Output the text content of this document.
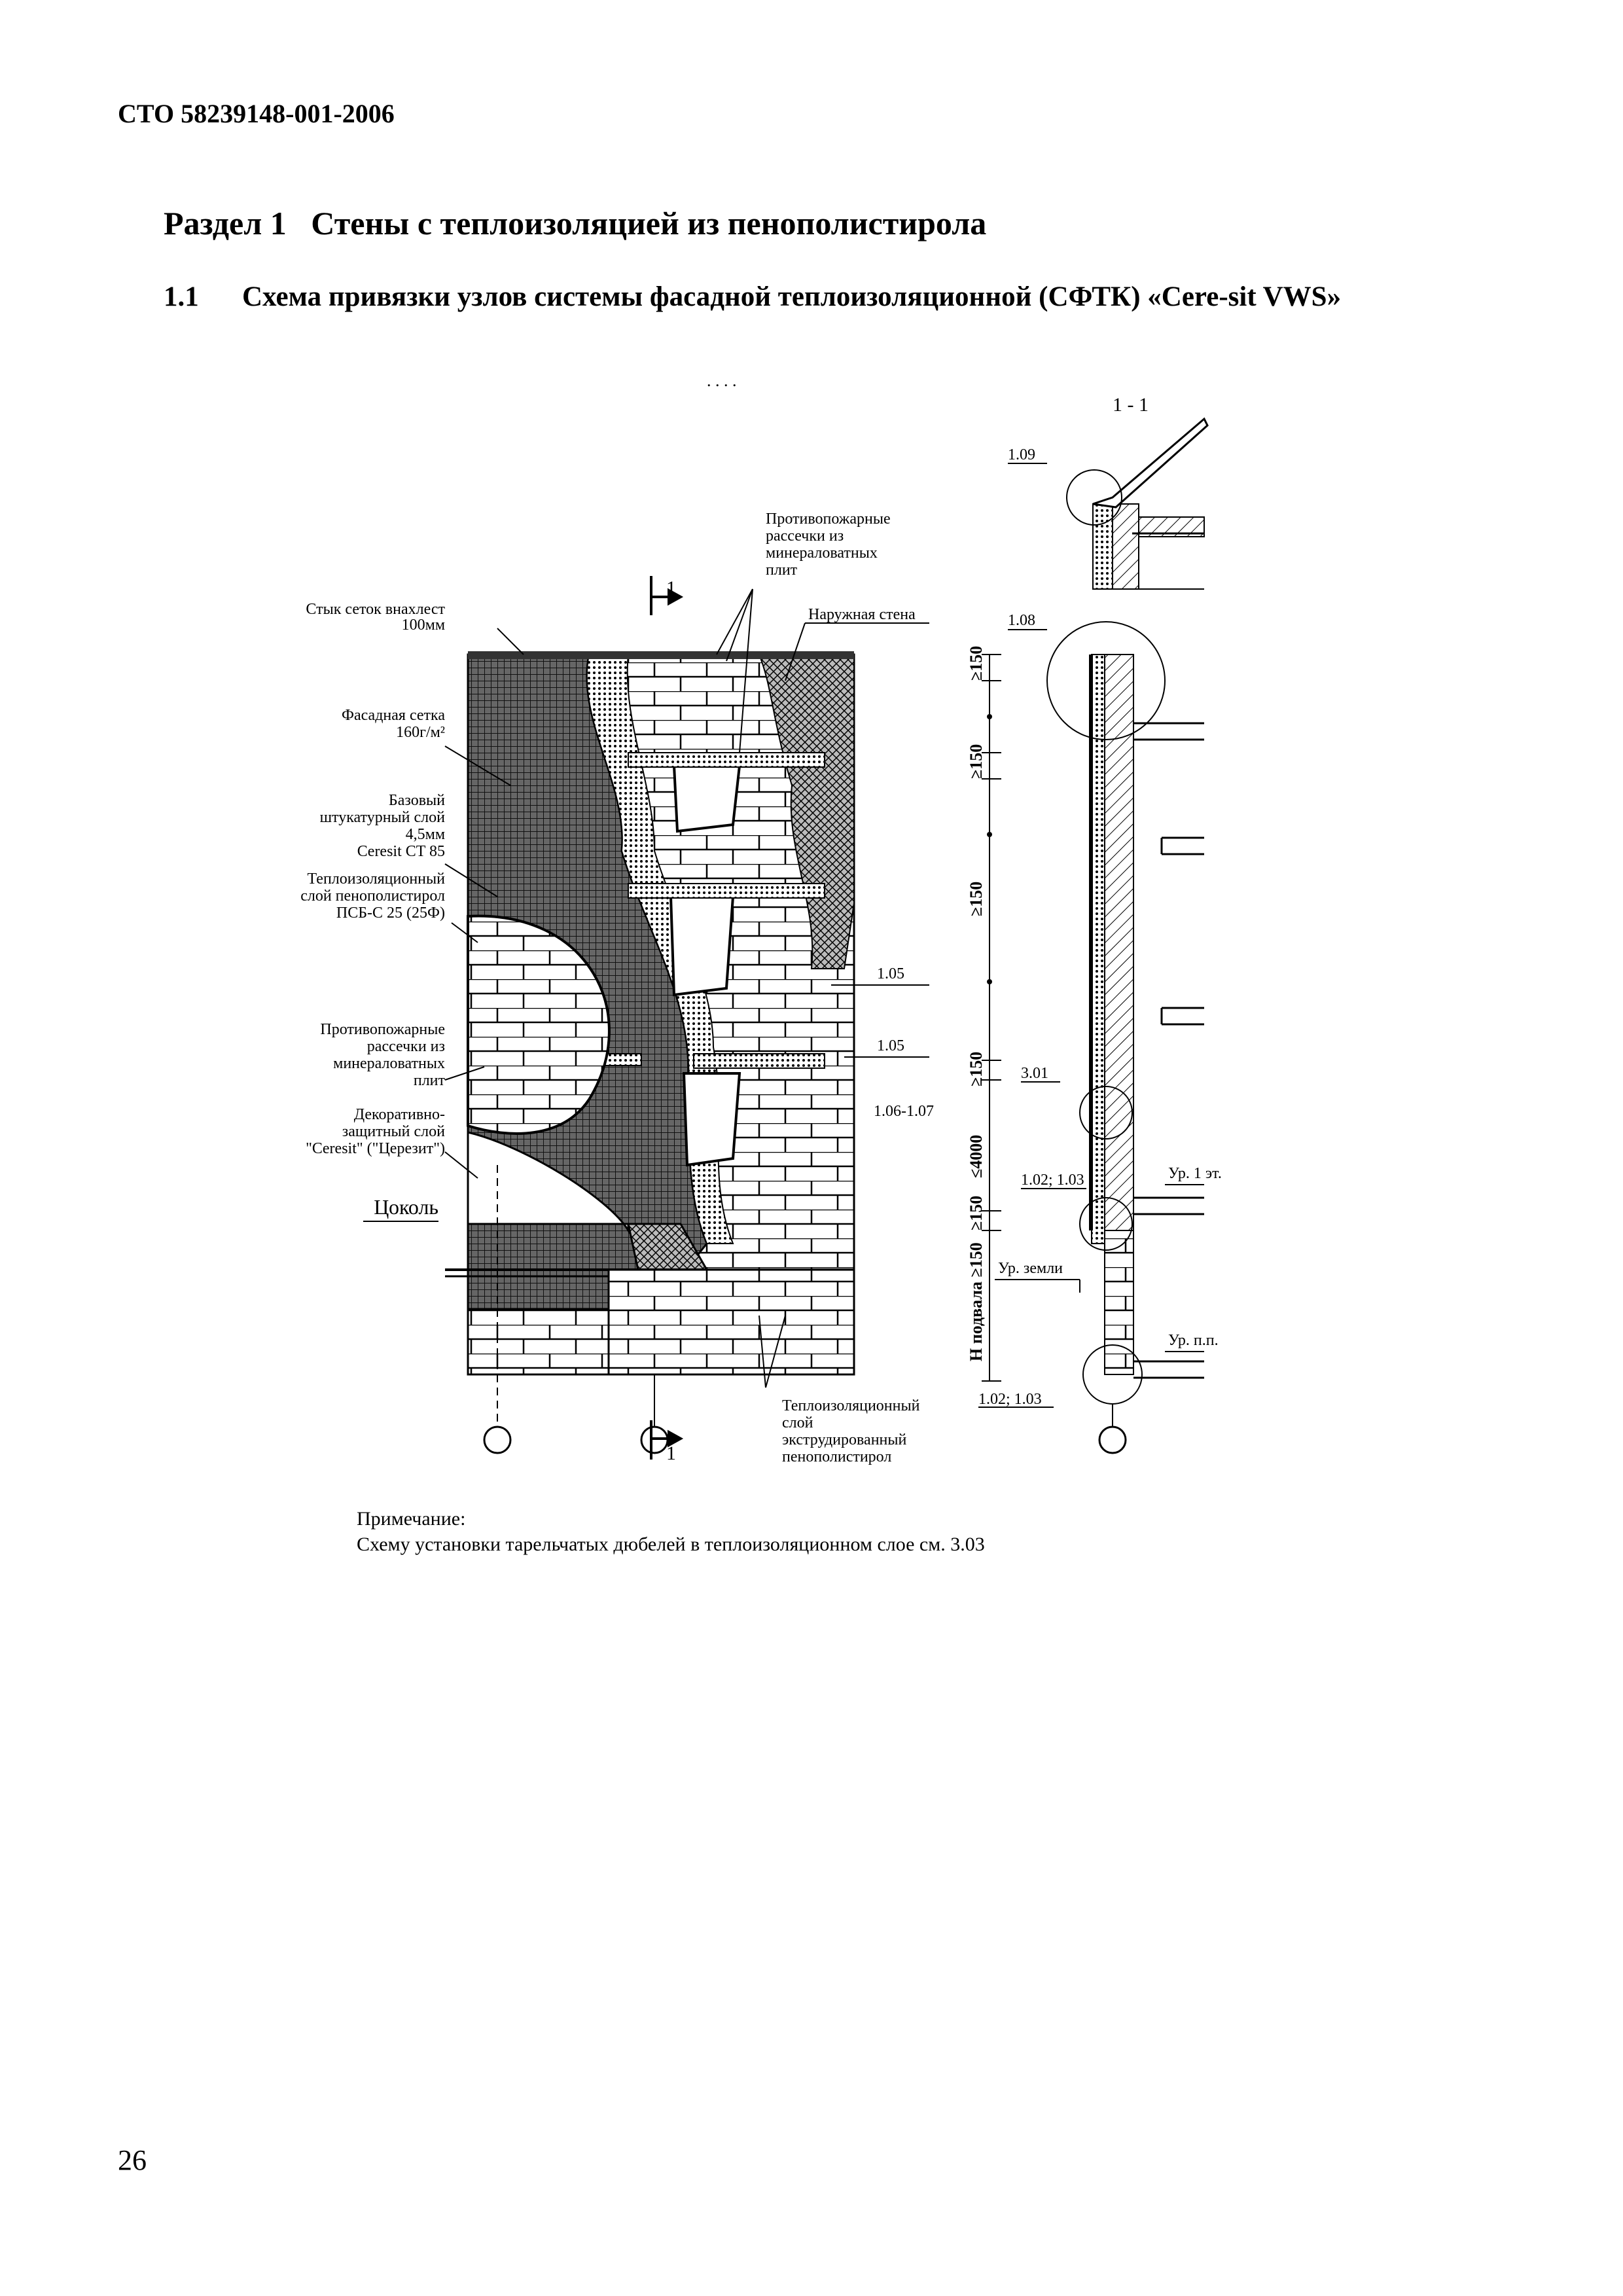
СТО 58239148-001-2006
Раздел 1 Стены с теплоизоляцией из пенополистирола
1.1 Схема привязки узлов системы фасадной теплоизоляционной (СФТК) «Cere-sit VWS»
1
1
. . . .
Стык сеток внахлест
100мм
Фасадная сетка
160г/м²
Базовый
штукатурный слой
4,5мм
Ceresit CT 85
Теплоизоляционный
слой пенополистирол
ПСБ-С 25 (25Ф)
Противопожарные
рассечки из
минераловатных
плит
Декоративно-
защитный слой
"Ceresit" ("Церезит")
Цоколь
Противопожарные
рассечки из
минераловатных
плит
Наружная стена
1.05
1.05
1.06-1.07
1.09
1.08
3.01
1.02; 1.03
1.02; 1.03
1 - 1
Ур. 1 эт.
Ур. земли
Ур. п.п.
≥150
≥150
≥150
≥150
≥150
≤4000
Н подвала ≥150
Теплоизоляционный
слой
экструдированный
пенополистирол
Примечание:
Схему установки тарельчатых дюбелей в теплоизоляционном слое см. 3.03
26
